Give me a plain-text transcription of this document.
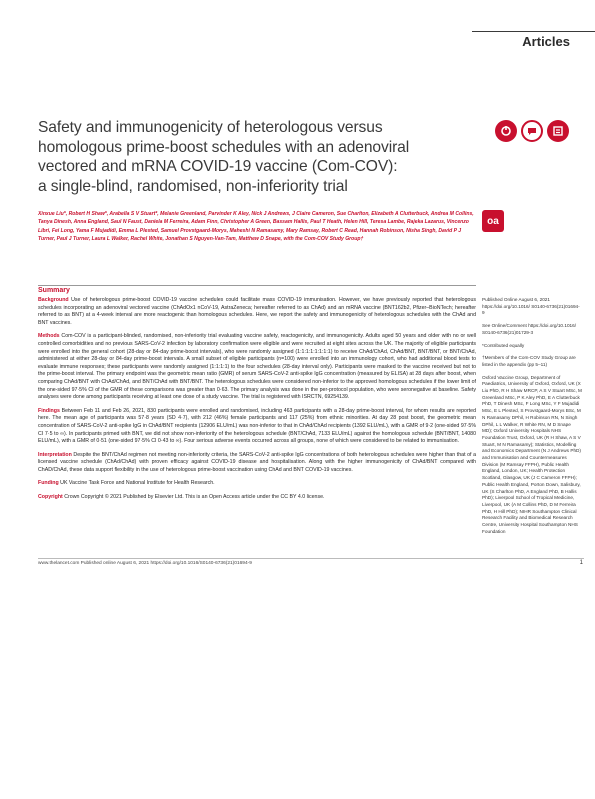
Articles
Safety and immunogenicity of heterologous versus
homologous prime-boost schedules with an adenoviral
vectored and mRNA COVID-19 vaccine (Com-COV):
a single-blind, randomised, non-inferiority trial
oa
Xinxue Liu*, Robert H Shaw*, Arabella S V Stuart*, Melanie Greenland, Parvinder K Aley, Nick J Andrews, J Claire Cameron, Sue Charlton, Elizabeth A Clutterbuck, Andrea M Collins, Tanya Dinesh, Anna England, Saul N Faust, Daniela M Ferreira, Adam Finn, Christopher A Green, Bassam Hallis, Paul T Heath, Helen Hill, Teresa Lambe, Rajeka Lazarus, Vincenzo Libri, Fei Long, Yama F Mujadidi, Emma L Plested, Samuel Provstgaard-Morys, Maheshi N Ramasamy, Mary Ramsay, Robert C Read, Hannah Robinson, Nisha Singh, David P J Turner, Paul J Turner, Laura L Walker, Rachel White, Jonathan S Nguyen-Van-Tam, Matthew D Snape, with the Com-COV Study Group†
Summary

Background Use of heterologous prime-boost COVID-19 vaccine schedules could facilitate mass COVID-19 immunisation. However, we have previously reported that heterologous schedules incorporating an adenoviral vectored vaccine (ChAdOx1 nCoV-19, AstraZeneca; hereafter referred to as ChAd) and an mRNA vaccine (BNT162b2, Pfizer–BioNTech; hereafter referred to as BNT) at a 4-week interval are more reactogenic than homologous schedules. Here, we report the safety and immunogenicity of heterologous schedules with the ChAd and BNT vaccines.

Methods Com-COV is a participant-blinded, randomised, non-inferiority trial evaluating vaccine safety, reactogenicity, and immunogenicity. Adults aged 50 years and older with no or well controlled comorbidities and no previous SARS-CoV-2 infection by laboratory confirmation were eligible and were recruited at eight sites across the UK. The majority of eligible participants were enrolled into the general cohort (28-day or 84-day prime-boost intervals), who were randomly assigned (1:1:1:1:1:1:1:1) to receive ChAd/ChAd, ChAd/BNT, BNT/BNT, or BNT/ChAd, administered at either 28-day or 84-day prime-boost intervals. A small subset of eligible participants (n=100) were enrolled into an immunology cohort, who had additional blood tests to evaluate immune responses; these participants were randomly assigned (1:1:1:1) to the four schedules (28-day interval only). Participants were masked to the vaccine received but not to the prime-boost interval. The primary endpoint was the geometric mean ratio (GMR) of serum SARS-CoV-2 anti-spike IgG concentration (measured by ELISA) at 28 days after boost, when comparing ChAd/BNT with ChAd/ChAd, and BNT/ChAd with BNT/BNT. The heterologous schedules were considered non-inferior to the approved homologous schedules if the lower limit of the one-sided 97·5% CI of the GMR of these comparisons was greater than 0·63. The primary analysis was done in the per-protocol population, who were seronegative at baseline. Safety analyses were done among participants receiving at least one dose of a study vaccine. The trial is registered with ISRCTN, 69254139.

Findings Between Feb 11 and Feb 26, 2021, 830 participants were enrolled and randomised, including 463 participants with a 28-day prime-boost interval, for whom results are reported here. The mean age of participants was 57·8 years (SD 4·7), with 212 (46%) female participants and 117 (25%) from ethnic minorities. At day 28 post boost, the geometric mean concentration of SARS-CoV-2 anti-spike IgG in ChAd/BNT recipients (12906 ELU/mL) was non-inferior to that in ChAd/ChAd recipients (1392 ELU/mL), with a GMR of 9·2 (one-sided 97·5% CI 7·5 to ∞). In participants primed with BNT, we did not show non-inferiority of the heterologous schedule (BNT/ChAd, 7133 ELU/mL) against the homologous schedule (BNT/BNT, 14080 ELU/mL), with a GMR of 0·51 (one-sided 97·5% CI 0·43 to ∞). Four serious adverse events occurred across all groups, none of which were considered to be related to immunisation.

Interpretation Despite the BNT/ChAd regimen not meeting non-inferiority criteria, the SARS-CoV-2 anti-spike IgG concentrations of both heterologous schedules were higher than that of a licensed vaccine schedule (ChAd/ChAd) with proven efficacy against COVID-19 disease and hospitalisation. Along with the higher immunogenicity of ChAd/BNT compared with ChAD/ChAd, these data support flexibility in the use of heterologous prime-boost vaccination using ChAd and BNT COVID-19 vaccines.

Funding UK Vaccine Task Force and National Institute for Health Research.

Copyright Crown Copyright © 2021 Published by Elsevier Ltd. This is an Open Access article under the CC BY 4.0 license.

Published Online August 6, 2021 https://doi.org/10.1016/ S0140-6736(21)01694-9
See Online/Comment https://doi.org/10.1016/ S0140-6736(21)01729-3
*Contributed equally
†Members of the Com-COV Study Group are listed in the appendix (pp 5–11)
Oxford Vaccine Group, Department of Paediatrics, University of Oxford, Oxford, UK (X Liu PhD, R H Shaw MRCP, A S V Stuart MSc, M Greenland MSc, P K Aley PhD, E A Clutterbuck PhD, T Dinesh MSc, F Long MSc, Y F Mujadidi MSc, E L Plested, S Provstgaard-Morys BSc, M N Ramasamy DPhil, H Robinson RN, N Singh DPhil, L L Walker, R White RN, M D Snape MD); Oxford University Hospitals NHS Foundation Trust, Oxford, UK (R H Shaw, A S V Stuart, M N Ramasamy); Statistics, Modelling and Economics Department (N J Andrews PhD) and Immunisation and Countermeasures Division (M Ramsay FFPH), Public Health England, London, UK; Health Protection Scotland, Glasgow, UK (J C Cameron FFPH); Public Health England, Porton Down, Salisbury, UK (S Charlton PhD, A England PhD, B Hallis PhD); Liverpool School of Tropical Medicine, Liverpool, UK (A M Collins PhD, D M Ferreira PhD, H Hill PhD); NIHR Southampton Clinical Research Facility and Biomedical Research Centre, University Hospital Southampton NHS Foundation
www.thelancet.com Published online August 6, 2021 https://doi.org/10.1016/S0140-6736(21)01694-9	1
